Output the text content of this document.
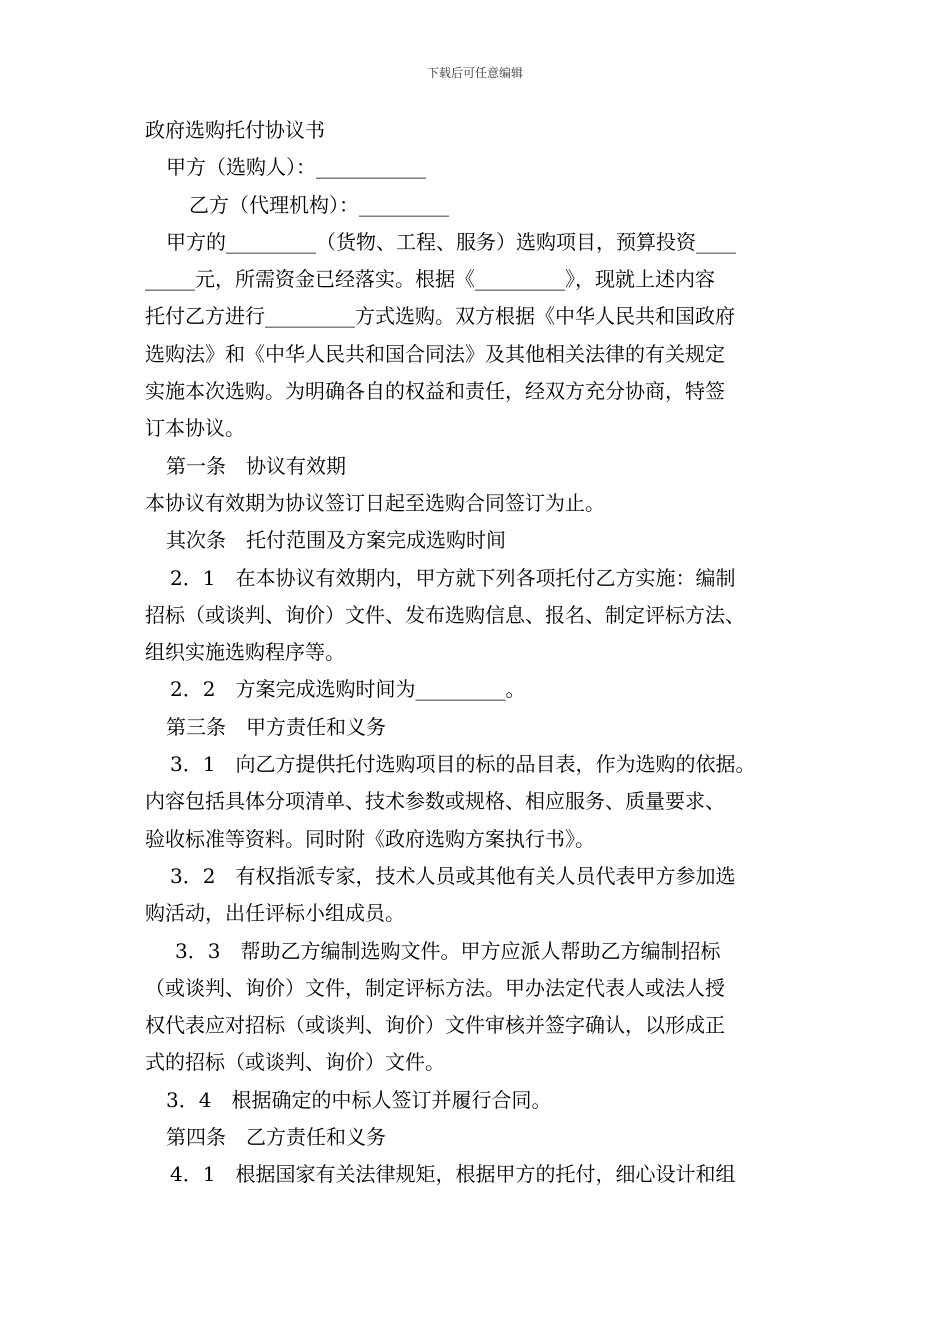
下载后可任意编辑
政府选购托付协议书
甲方（选购人）：___________
乙方（代理机构）：_________
甲方的_________（货物、工程、服务）选购项目，预算投资____
_____元，所需资金已经落实。根据《_________》，现就上述内容
托付乙方进行_________方式选购。双方根据《中华人民共和国政府
选购法》和《中华人民共和国合同法》及其他相关法律的有关规定
实施本次选购。为明确各自的权益和责任，经双方充分协商，特签
订本协议。
第一条　协议有效期
本协议有效期为协议签订日起至选购合同签订为止。
其次条　托付范围及方案完成选购时间
2．1　在本协议有效期内，甲方就下列各项托付乙方实施：编制
招标（或谈判、询价）文件、发布选购信息、报名、制定评标方法、
组织实施选购程序等。
2．2　方案完成选购时间为_________。
第三条　甲方责任和义务
3．1　向乙方提供托付选购项目的标的品目表，作为选购的依据。
内容包括具体分项清单、技术参数或规格、相应服务、质量要求、
验收标准等资料。同时附《政府选购方案执行书》。
3．2　有权指派专家，技术人员或其他有关人员代表甲方参加选
购活动，出任评标小组成员。
3．3　帮助乙方编制选购文件。甲方应派人帮助乙方编制招标
（或谈判、询价）文件，制定评标方法。甲办法定代表人或法人授
权代表应对招标（或谈判、询价）文件审核并签字确认，以形成正
式的招标（或谈判、询价）文件。
3．4　根据确定的中标人签订并履行合同。
第四条　乙方责任和义务
4．1　根据国家有关法律规矩，根据甲方的托付，细心设计和组
